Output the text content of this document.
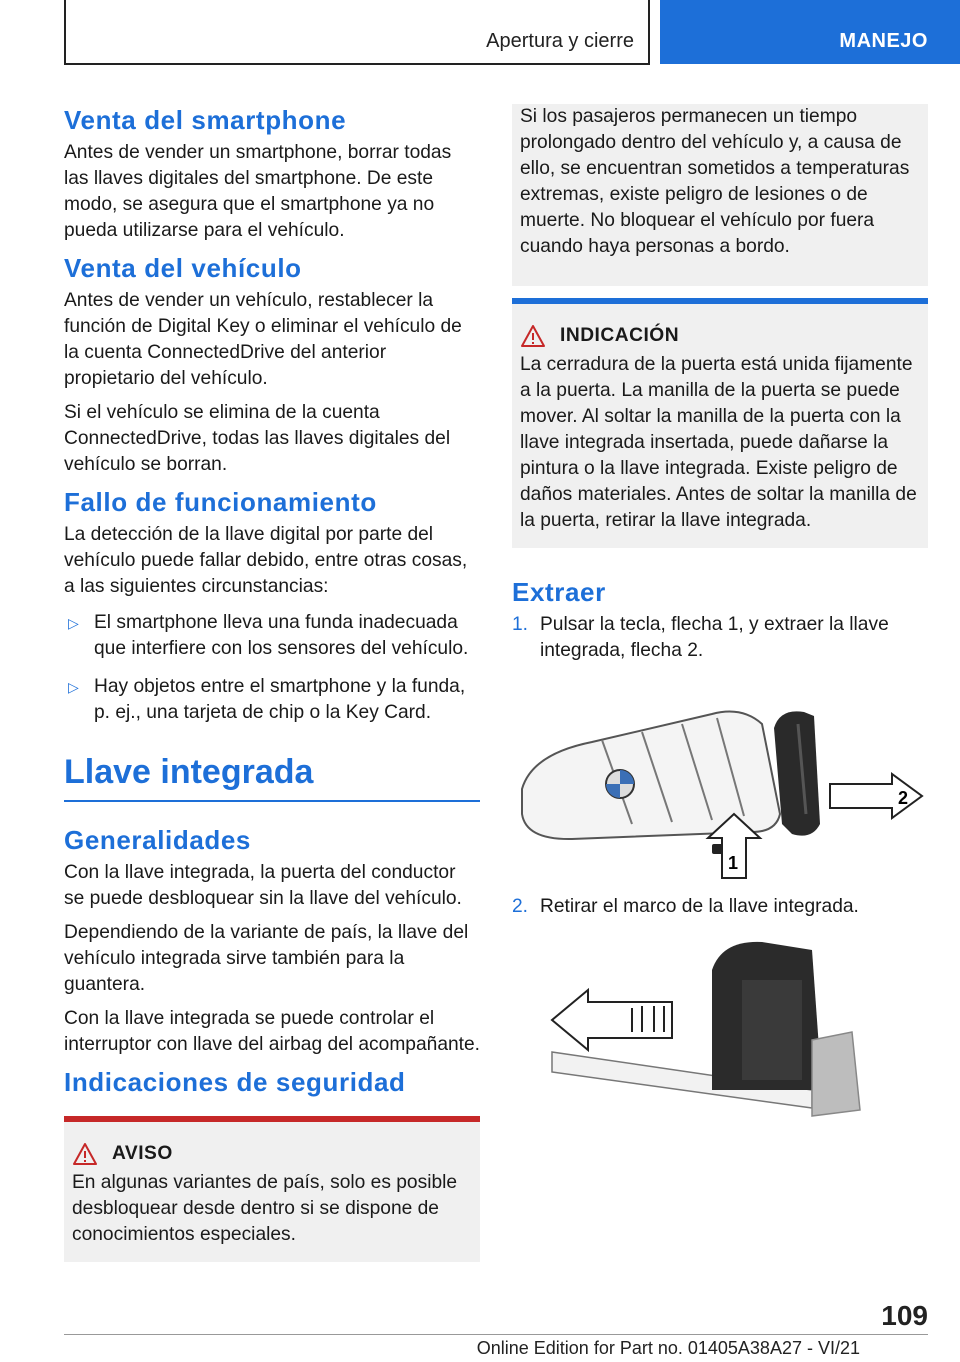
Apertura y cierre	MANEJO
Venta del smartphone

Antes de vender un smartphone, borrar todas las llaves digitales del smartphone. De este modo, se asegura que el smartphone ya no pueda utilizarse para el vehículo.

Venta del vehículo

Antes de vender un vehículo, restablecer la función de Digital Key o eliminar el vehículo de la cuenta ConnectedDrive del anterior propietario del vehículo.

Si el vehículo se elimina de la cuenta ConnectedDrive, todas las llaves digitales del vehículo se borran.

Fallo de funcionamiento

La detección de la llave digital por parte del vehículo puede fallar debido, entre otras cosas, a las siguientes circunstancias:

▷ El smartphone lleva una funda inadecuada que interfiere con los sensores del vehículo.
▷ Hay objetos entre el smartphone y la funda, p. ej., una tarjeta de chip o la Key Card.
Llave integrada
Generalidades

Con la llave integrada, la puerta del conductor se puede desbloquear sin la llave del vehículo.

Dependiendo de la variante de país, la llave del vehículo integrada sirve también para la guantera.

Con la llave integrada se puede controlar el interruptor con llave del airbag del acompañante.

Indicaciones de seguridad
AVISO

En algunas variantes de país, solo es posible desbloquear desde dentro si se dispone de conocimientos especiales.

Si los pasajeros permanecen un tiempo prolongado dentro del vehículo y, a causa de ello, se encuentran sometidos a temperaturas extremas, existe peligro de lesiones o de muerte. No bloquear el vehículo por fuera cuando haya personas a bordo.

INDICACIÓN

La cerradura de la puerta está unida fijamente a la puerta. La manilla de la puerta se puede mover. Al soltar la manilla de la puerta con la llave integrada insertada, puede dañarse la pintura o la llave integrada. Existe peligro de daños materiales. Antes de soltar la manilla de la puerta, retirar la llave integrada.

Extraer
1. Pulsar la tecla, flecha 1, y extraer la llave integrada, flecha 2.
2
1
2. Retirar el marco de la llave integrada.
109
Online Edition for Part no. 01405A38A27 - VI/21
